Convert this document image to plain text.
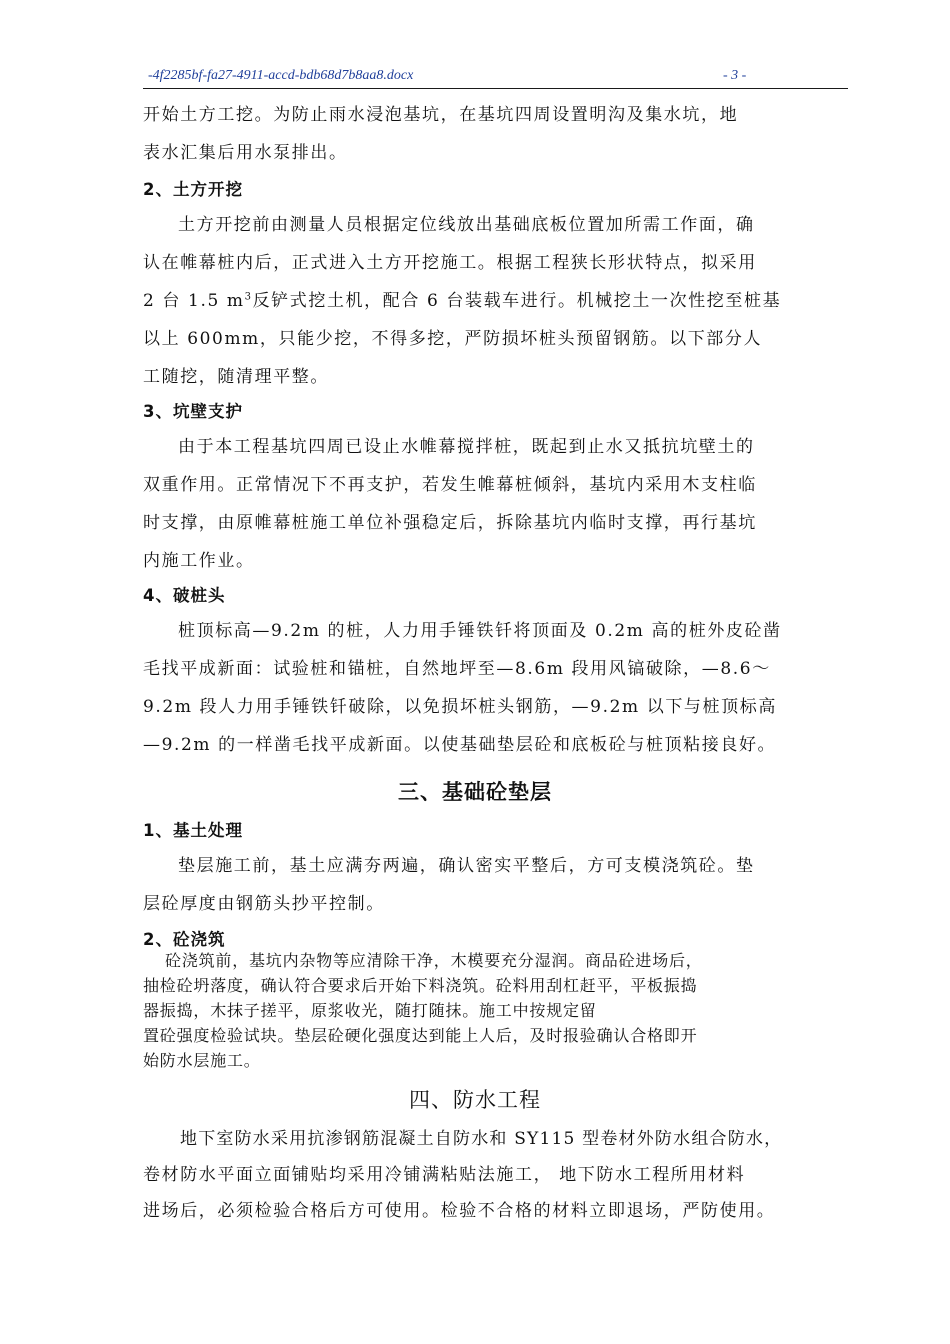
-4f2285bf-fa27-4911-accd-bdb68d7b8aa8.docx	- 3 -
开始土方工挖。为防止雨水浸泡基坑，在基坑四周设置明沟及集水坑，地
表水汇集后用水泵排出。
2、土方开挖
土方开挖前由测量人员根据定位线放出基础底板位置加所需工作面，确
认在帷幕桩内后，正式进入土方开挖施工。根据工程狭长形状特点，拟采用
2 台 1.5 $m^3$反铲式挖土机，配合 6 台装载车进行。机械挖土一次性挖至桩基
以上 600mm，只能少挖，不得多挖，严防损坏桩头预留钢筋。以下部分人
工随挖，随清理平整。
3、坑壁支护
由于本工程基坑四周已设止水帷幕搅拌桩，既起到止水又抵抗坑壁土的
双重作用。正常情况下不再支护，若发生帷幕桩倾斜，基坑内采用木支柱临
时支撑，由原帷幕桩施工单位补强稳定后，拆除基坑内临时支撑，再行基坑
内施工作业。
4、破桩头
桩顶标高—9.2m 的桩，人力用手锤铁钎将顶面及 0.2m 高的桩外皮砼凿
毛找平成新面：试验桩和锚桩，自然地坪至—8.6m 段用风镐破除，—8.6～
9.2m 段人力用手锤铁钎破除，以免损坏桩头钢筋，—9.2m 以下与桩顶标高
—9.2m 的一样凿毛找平成新面。以使基础垫层砼和底板砼与桩顶粘接良好。
三、基础砼垫层
1、基土处理
垫层施工前，基土应满夯两遍，确认密实平整后，方可支模浇筑砼。垫
层砼厚度由钢筋头抄平控制。
2、砼浇筑
砼浇筑前，基坑内杂物等应清除干净，木模要充分湿润。商品砼进场后，
抽检砼坍落度，确认符合要求后开始下料浇筑。砼料用刮杠赶平，平板振捣
器振捣，木抹子搓平，原浆收光，随打随抹。施工中按规定留
置砼强度检验试块。垫层砼硬化强度达到能上人后，及时报验确认合格即开
始防水层施工。
四、防水工程
地下室防水采用抗渗钢筋混凝土自防水和 SY115 型卷材外防水组合防水，
卷材防水平面立面铺贴均采用冷铺满粘贴法施工， 地下防水工程所用材料
进场后，必须检验合格后方可使用。检验不合格的材料立即退场，严防使用。
